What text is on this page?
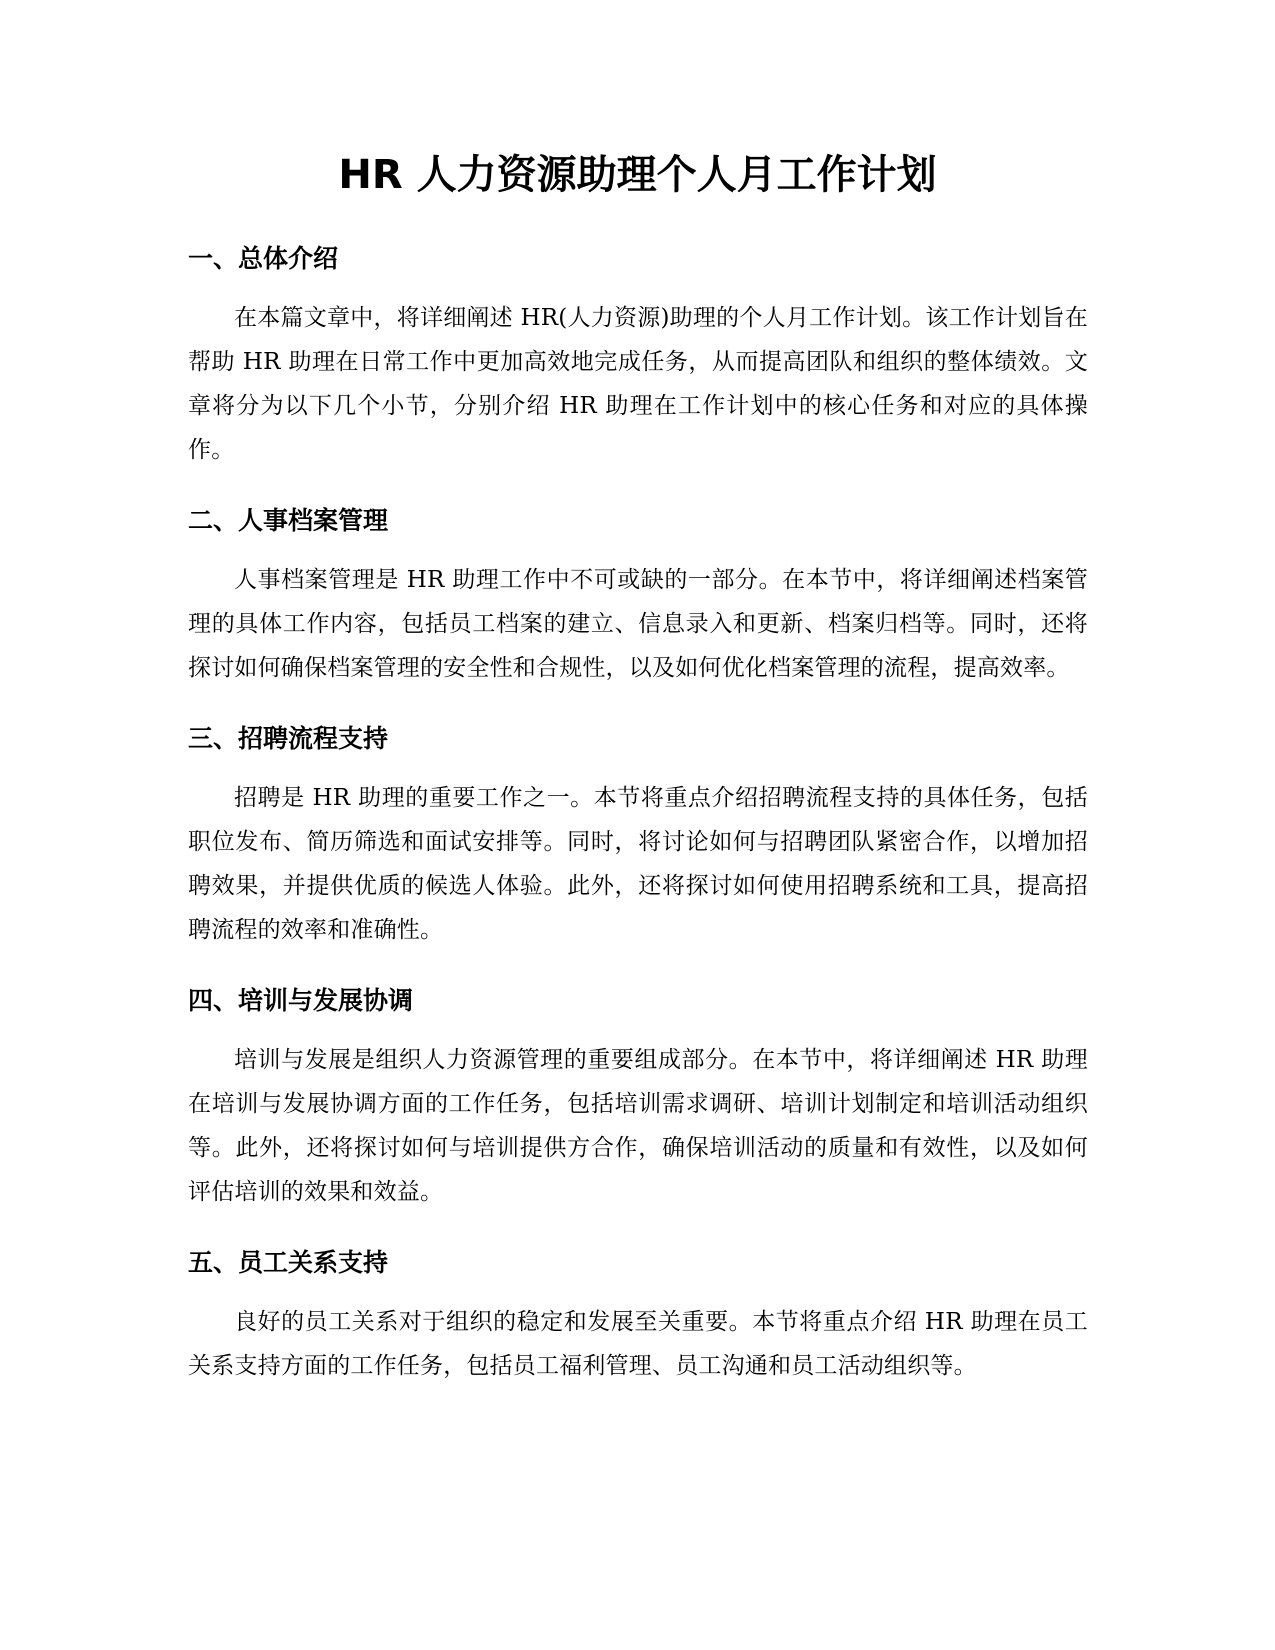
HR 人力资源助理个人月工作计划
一、总体介绍

在本篇文章中，将详细阐述 HR(人力资源)助理的个人月工作计划。该工作计划旨在帮助 HR 助理在日常工作中更加高效地完成任务，从而提高团队和组织的整体绩效。文章将分为以下几个小节，分别介绍 HR 助理在工作计划中的核心任务和对应的具体操作。

二、人事档案管理

人事档案管理是 HR 助理工作中不可或缺的一部分。在本节中，将详细阐述档案管理的具体工作内容，包括员工档案的建立、信息录入和更新、档案归档等。同时，还将探讨如何确保档案管理的安全性和合规性，以及如何优化档案管理的流程，提高效率。

三、招聘流程支持

招聘是 HR 助理的重要工作之一。本节将重点介绍招聘流程支持的具体任务，包括职位发布、简历筛选和面试安排等。同时，将讨论如何与招聘团队紧密合作，以增加招聘效果，并提供优质的候选人体验。此外，还将探讨如何使用招聘系统和工具，提高招聘流程的效率和准确性。

四、培训与发展协调

培训与发展是组织人力资源管理的重要组成部分。在本节中，将详细阐述 HR 助理在培训与发展协调方面的工作任务，包括培训需求调研、培训计划制定和培训活动组织等。此外，还将探讨如何与培训提供方合作，确保培训活动的质量和有效性，以及如何评估培训的效果和效益。

五、员工关系支持

良好的员工关系对于组织的稳定和发展至关重要。本节将重点介绍 HR 助理在员工关系支持方面的工作任务，包括员工福利管理、员工沟通和员工活动组织等。
